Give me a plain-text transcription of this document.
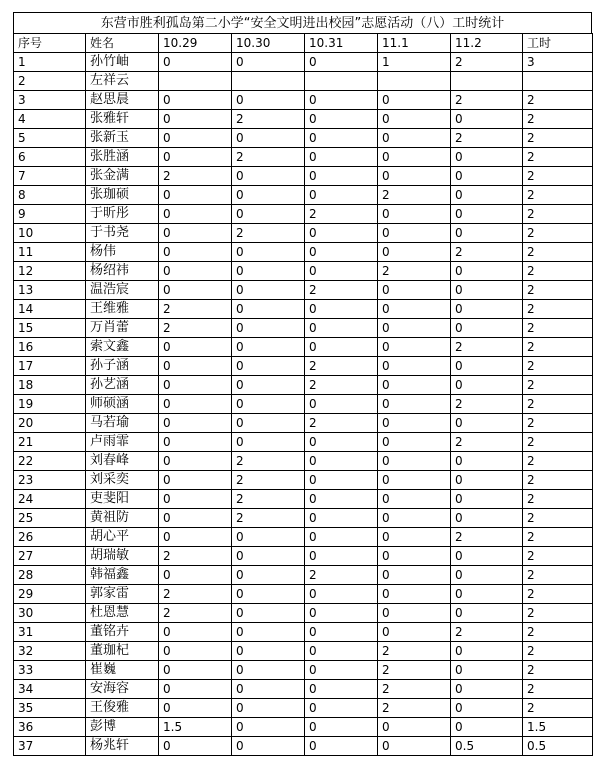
东营市胜利孤岛第二小学“安全文明进出校园”志愿活动（八）工时统计
序号	姓名	10.29	10.30	10.31	11.1	11.2	工时
1	孙竹岫	0	0	0	1	2	3
2	左祥云						
3	赵思晨	0	0	0	0	2	2
4	张雅轩	0	2	0	0	0	2
5	张新玉	0	0	0	0	2	2
6	张胜涵	0	2	0	0	0	2
7	张金满	2	0	0	0	0	2
8	张珈硕	0	0	0	2	0	2
9	于昕彤	0	0	2	0	0	2
10	于书尧	0	2	0	0	0	2
11	杨伟	0	0	0	0	2	2
12	杨绍祎	0	0	0	2	0	2
13	温浩宸	0	0	2	0	0	2
14	王维雅	2	0	0	0	0	2
15	万肖蕾	2	0	0	0	0	2
16	索文鑫	0	0	0	0	2	2
17	孙子涵	0	0	2	0	0	2
18	孙艺涵	0	0	2	0	0	2
19	师硕涵	0	0	0	0	2	2
20	马若瑜	0	0	2	0	0	2
21	卢雨霏	0	0	0	0	2	2
22	刘春峰	0	2	0	0	0	2
23	刘采奕	0	2	0	0	0	2
24	吏斐阳	0	2	0	0	0	2
25	黄祖防	0	2	0	0	0	2
26	胡心平	0	0	0	0	2	2
27	胡瑞敏	2	0	0	0	0	2
28	韩福鑫	0	0	2	0	0	2
29	郭家雷	2	0	0	0	0	2
30	杜恩慧	2	0	0	0	0	2
31	董铭卉	0	0	0	0	2	2
32	董珈杞	0	0	0	2	0	2
33	崔巍	0	0	0	2	0	2
34	安海容	0	0	0	2	0	2
35	王俊雅	0	0	0	2	0	2
36	彭博	1.5	0	0	0	0	1.5
37	杨兆轩	0	0	0	0	0.5	0.5
